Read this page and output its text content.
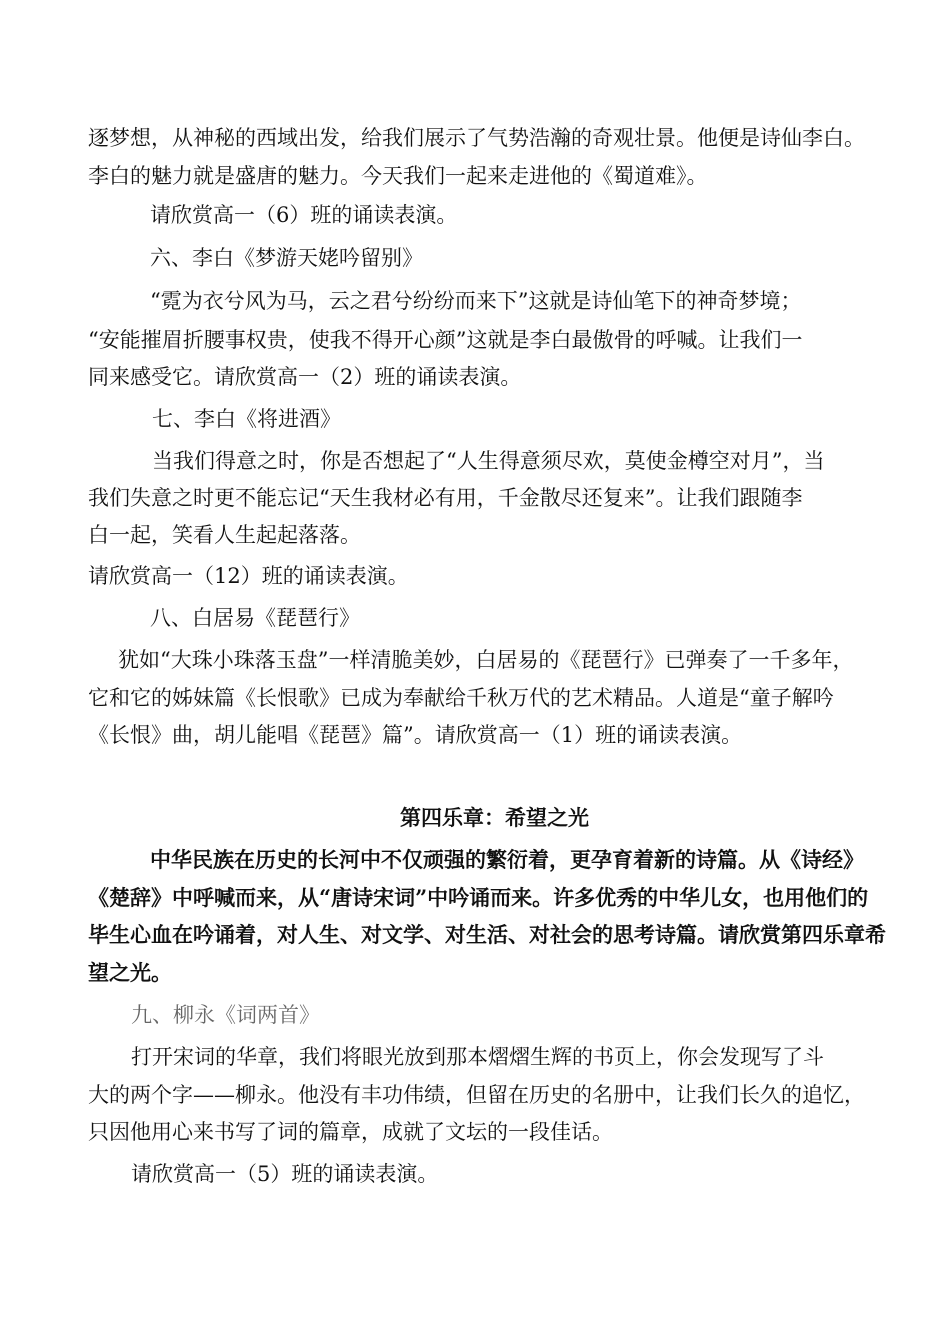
逐梦想，从神秘的西域出发，给我们展示了气势浩瀚的奇观壮景。他便是诗仙李白。

李白的魅力就是盛唐的魅力。今天我们一起来走进他的《蜀道难》。

请欣赏高一（6）班的诵读表演。

六、李白《梦游天姥吟留别》

“霓为衣兮风为马，云之君兮纷纷而来下”这就是诗仙笔下的神奇梦境；

“安能摧眉折腰事权贵，使我不得开心颜”这就是李白最傲骨的呼喊。让我们一

同来感受它。请欣赏高一（2）班的诵读表演。

七、李白《将进酒》

当我们得意之时，你是否想起了“人生得意须尽欢，莫使金樽空对月”，当

我们失意之时更不能忘记“天生我材必有用，千金散尽还复来”。让我们跟随李

白一起，笑看人生起起落落。

请欣赏高一（12）班的诵读表演。

八、白居易《琵琶行》

犹如“大珠小珠落玉盘”一样清脆美妙，白居易的《琵琶行》已弹奏了一千多年，

它和它的姊妹篇《长恨歌》已成为奉献给千秋万代的艺术精品。人道是“童子解吟

《长恨》曲，胡儿能唱《琵琶》篇”。请欣赏高一（1）班的诵读表演。

第四乐章：希望之光

中华民族在历史的长河中不仅顽强的繁衍着，更孕育着新的诗篇。从《诗经》

《楚辞》中呼喊而来，从“唐诗宋词”中吟诵而来。许多优秀的中华儿女，也用他们的

毕生心血在吟诵着，对人生、对文学、对生活、对社会的思考诗篇。请欣赏第四乐章希

望之光。

九、柳永《词两首》

打开宋词的华章，我们将眼光放到那本熠熠生辉的书页上，你会发现写了斗

大的两个字——柳永。他没有丰功伟绩，但留在历史的名册中，让我们长久的追忆，

只因他用心来书写了词的篇章，成就了文坛的一段佳话。

请欣赏高一（5）班的诵读表演。
